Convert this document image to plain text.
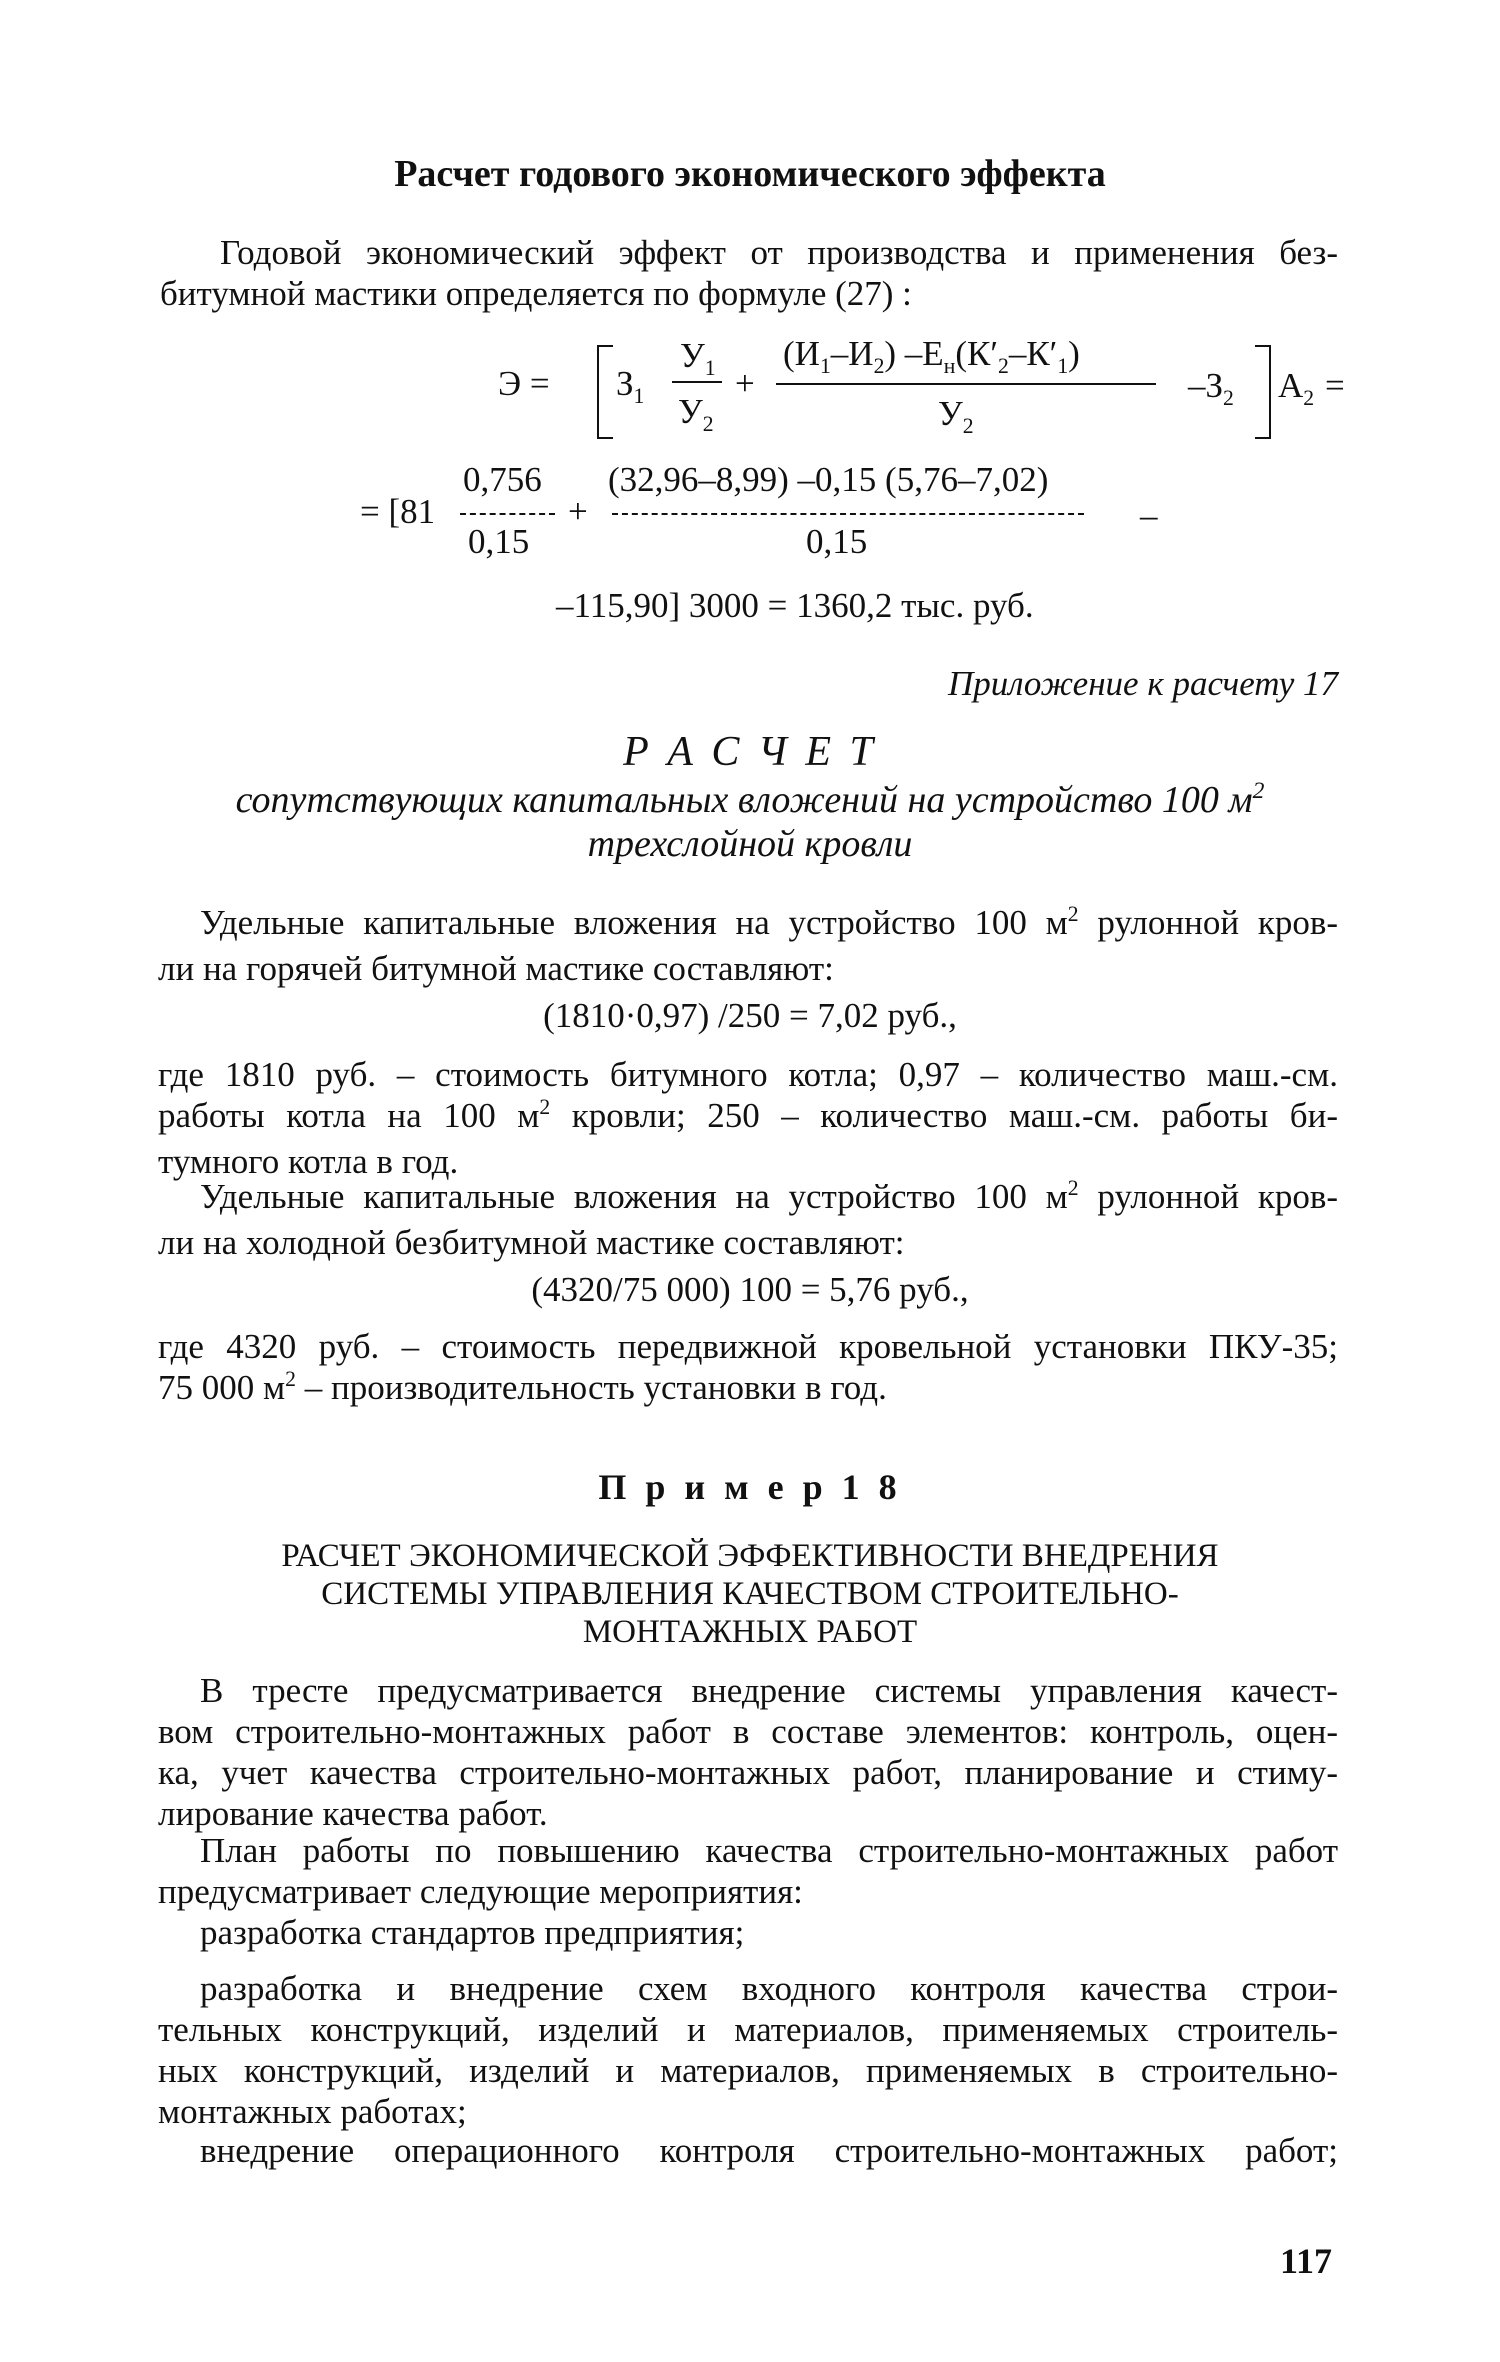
Расчет годового экономического эффекта
Годовой экономический эффект от производства и применения без-
битумной мастики определяется по формуле (27) :
$Э = З_1$
$У_1$
$У_2$
+
$(И_1-И_2)$ $-Е_н(К'_2-К'_1)$
$У_2$
$-З_2$ $А_2$ =
= [81
0,756
0,15
+
(32,96–8,99) –0,15 (5,76–7,02)
0,15
–
–115,90] 3000 = 1360,2 тыс. руб.
Приложение к расчету 17
Р А С Ч Е Т
сопутствующих капитальных вложений на устройство 100 $м^2$
трехслойной кровли
Удельные капитальные вложения на устройство 100 $м^2$ рулонной кров-
ли на горячей битумной мастике составляют:
(1810·0,97) /250 = 7,02 руб.,
где 1810 руб. – стоимость битумного котла; 0,97 – количество маш.-см.
работы котла на 100 $м^2$ кровли; 250 – количество маш.-см. работы би-
тумного котла в год.
Удельные капитальные вложения на устройство 100 $м^2$ рулонной кров-
ли на холодной безбитумной мастике составляют:
(4320/75 000) 100 = 5,76 руб.,
где 4320 руб. – стоимость передвижной кровельной установки ПКУ-35;
75 000 $м^2$ – производительность установки в год.
П р и м е р 1 8
РАСЧЕТ ЭКОНОМИЧЕСКОЙ ЭФФЕКТИВНОСТИ ВНЕДРЕНИЯ
СИСТЕМЫ УПРАВЛЕНИЯ КАЧЕСТВОМ СТРОИТЕЛЬНО-
МОНТАЖНЫХ РАБОТ
В тресте предусматривается внедрение системы управления качест-
вом строительно-монтажных работ в составе элементов: контроль, оцен-
ка, учет качества строительно-монтажных работ, планирование и стиму-
лирование качества работ.
План работы по повышению качества строительно-монтажных работ
предусматривает следующие мероприятия:
разработка стандартов предприятия;
разработка и внедрение схем входного контроля качества строи-
тельных конструкций, изделий и материалов, применяемых строитель-
ных конструкций, изделий и материалов, применяемых в строительно-
монтажных работах;
внедрение операционного контроля строительно-монтажных работ;
117
